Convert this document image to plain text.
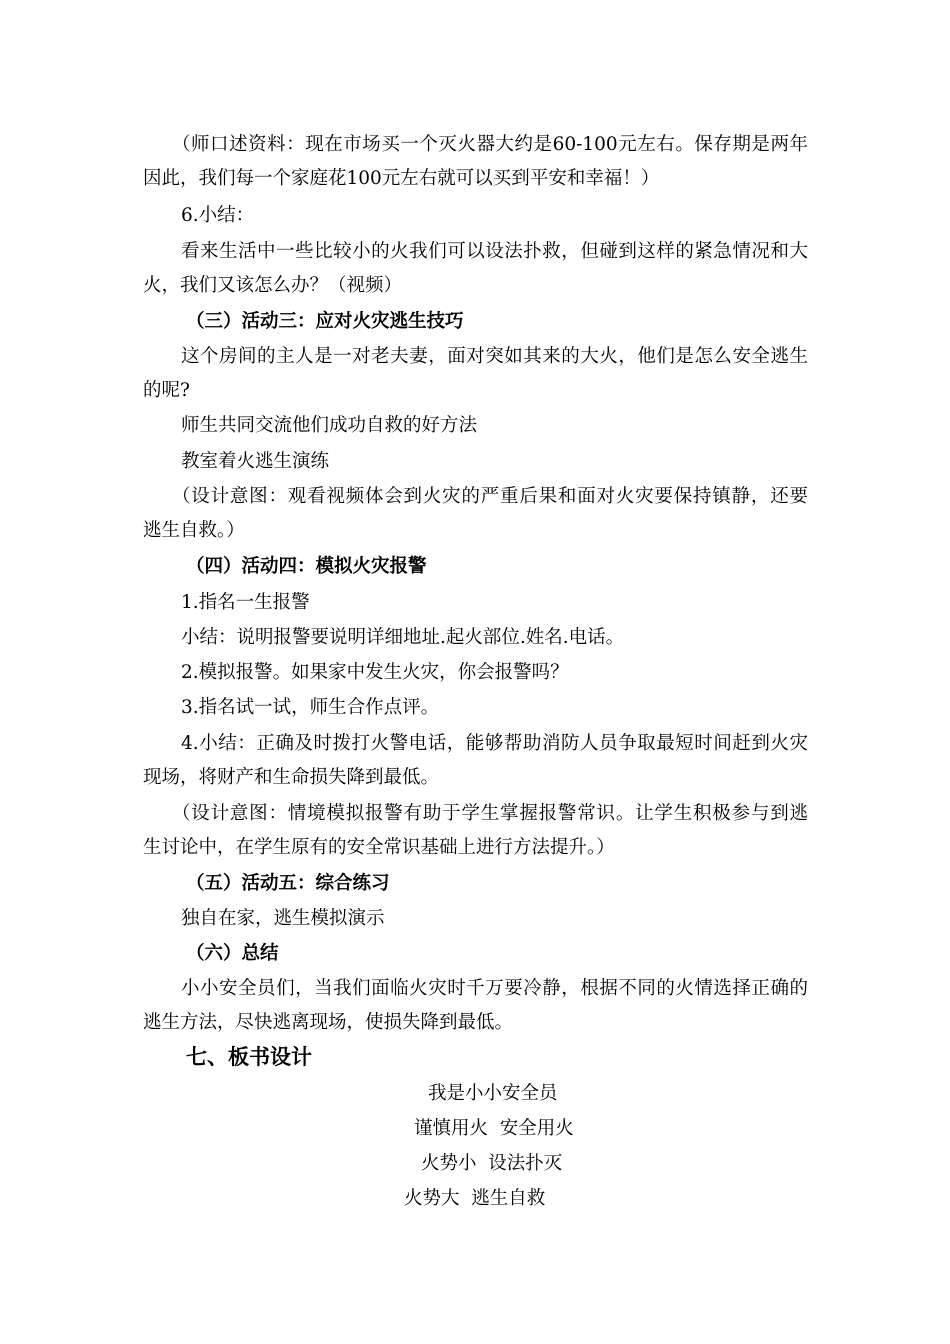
（师口述资料：现在市场买一个灭火器大约是60-100元左右。保存期是两年
因此，我们每一个家庭花100元左右就可以买到平安和幸福！）
6.小结：
看来生活中一些比较小的火我们可以设法扑救，但碰到这样的紧急情况和大
火，我们又该怎么办？（视频）
（三）活动三：应对火灾逃生技巧
这个房间的主人是一对老夫妻，面对突如其来的大火，他们是怎么安全逃生
的呢?
师生共同交流他们成功自救的好方法
教室着火逃生演练
（设计意图：观看视频体会到火灾的严重后果和面对火灾要保持镇静，还要
逃生自救。）
（四）活动四：模拟火灾报警
1.指名一生报警
小结：说明报警要说明详细地址.起火部位.姓名.电话。
2.模拟报警。如果家中发生火灾，你会报警吗？
3.指名试一试，师生合作点评。
4.小结：正确及时拨打火警电话，能够帮助消防人员争取最短时间赶到火灾
现场，将财产和生命损失降到最低。
（设计意图：情境模拟报警有助于学生掌握报警常识。让学生积极参与到逃
生讨论中，在学生原有的安全常识基础上进行方法提升。）
（五）活动五：综合练习
独自在家，逃生模拟演示
（六）总结
小小安全员们，当我们面临火灾时千万要冷静，根据不同的火情选择正确的
逃生方法，尽快逃离现场，使损失降到最低。
七、板书设计
我是小小安全员
谨慎用火  安全用火
火势小  设法扑灭
火势大  逃生自救
